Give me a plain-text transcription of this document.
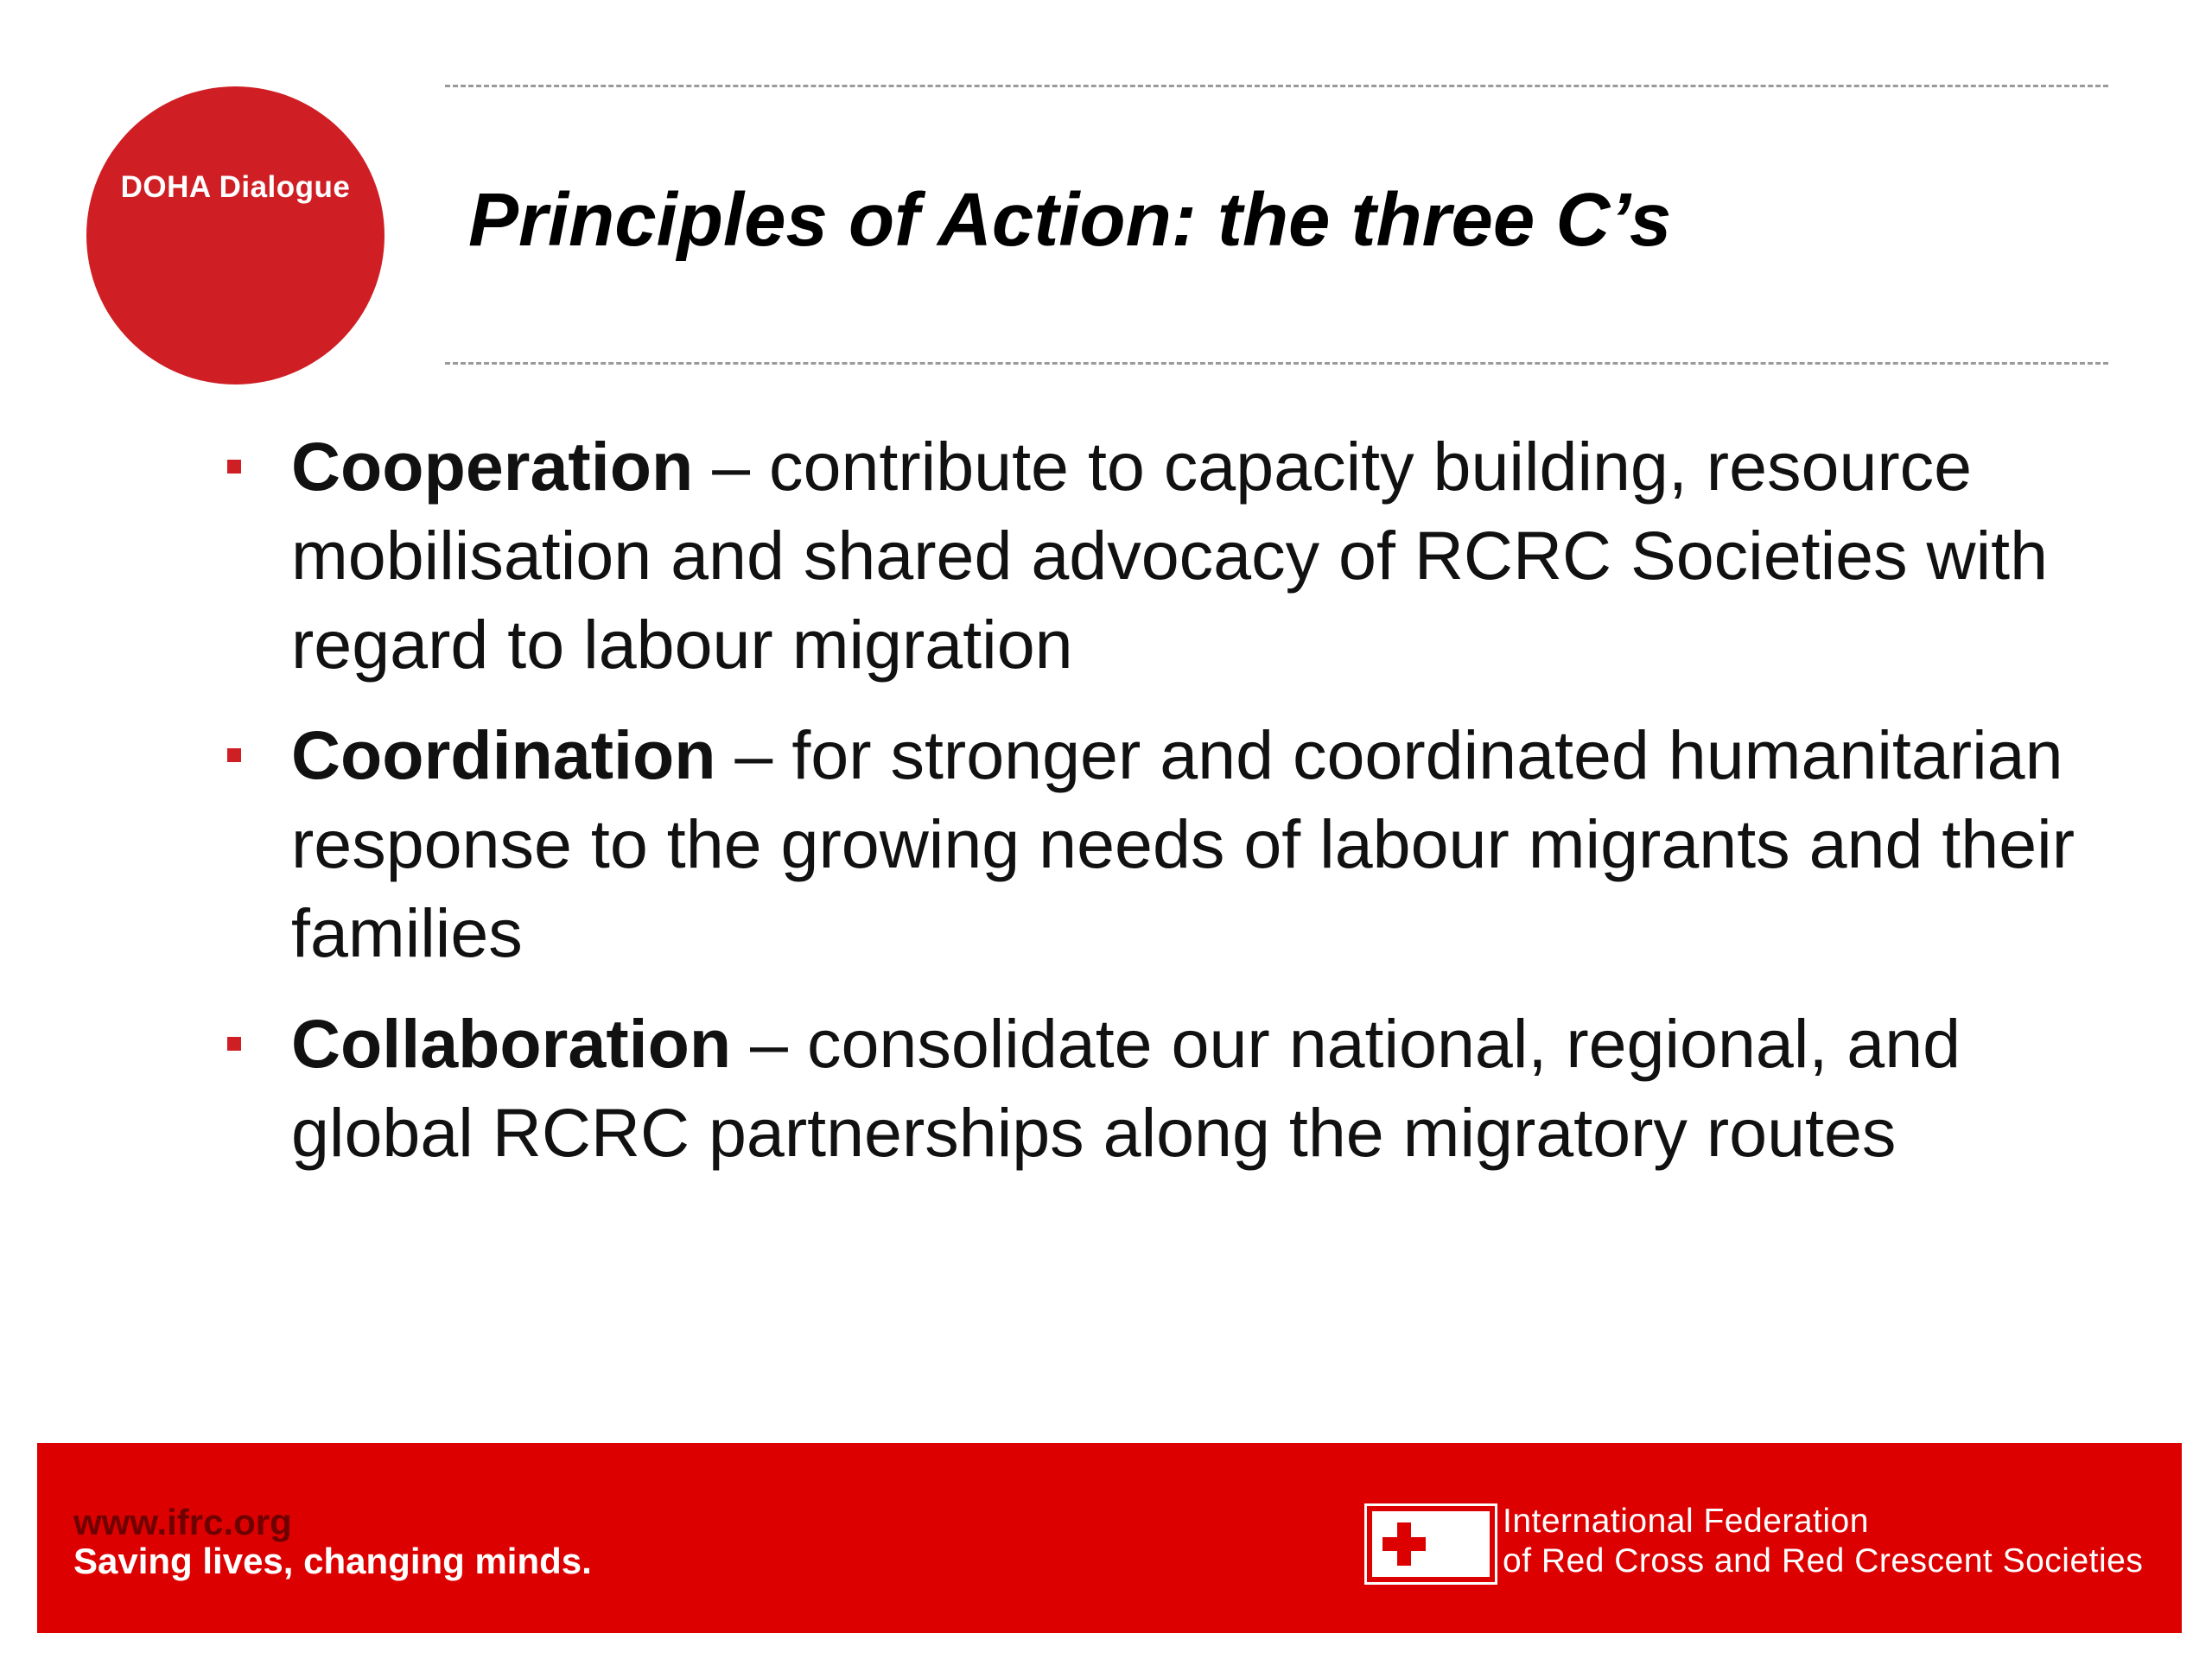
DOHA Dialogue Principles of Action: the three C’s
Cooperation – contribute to capacity building, resource mobilisation and shared advocacy of RCRC Societies with regard to labour migration
Coordination – for stronger and coordinated humanitarian response to the growing needs of labour migrants and their families
Collaboration – consolidate our national, regional, and global RCRC partnerships along the migratory routes
www.ifrc.org
Saving lives, changing minds.
International Federation
of Red Cross and Red Crescent Societies
